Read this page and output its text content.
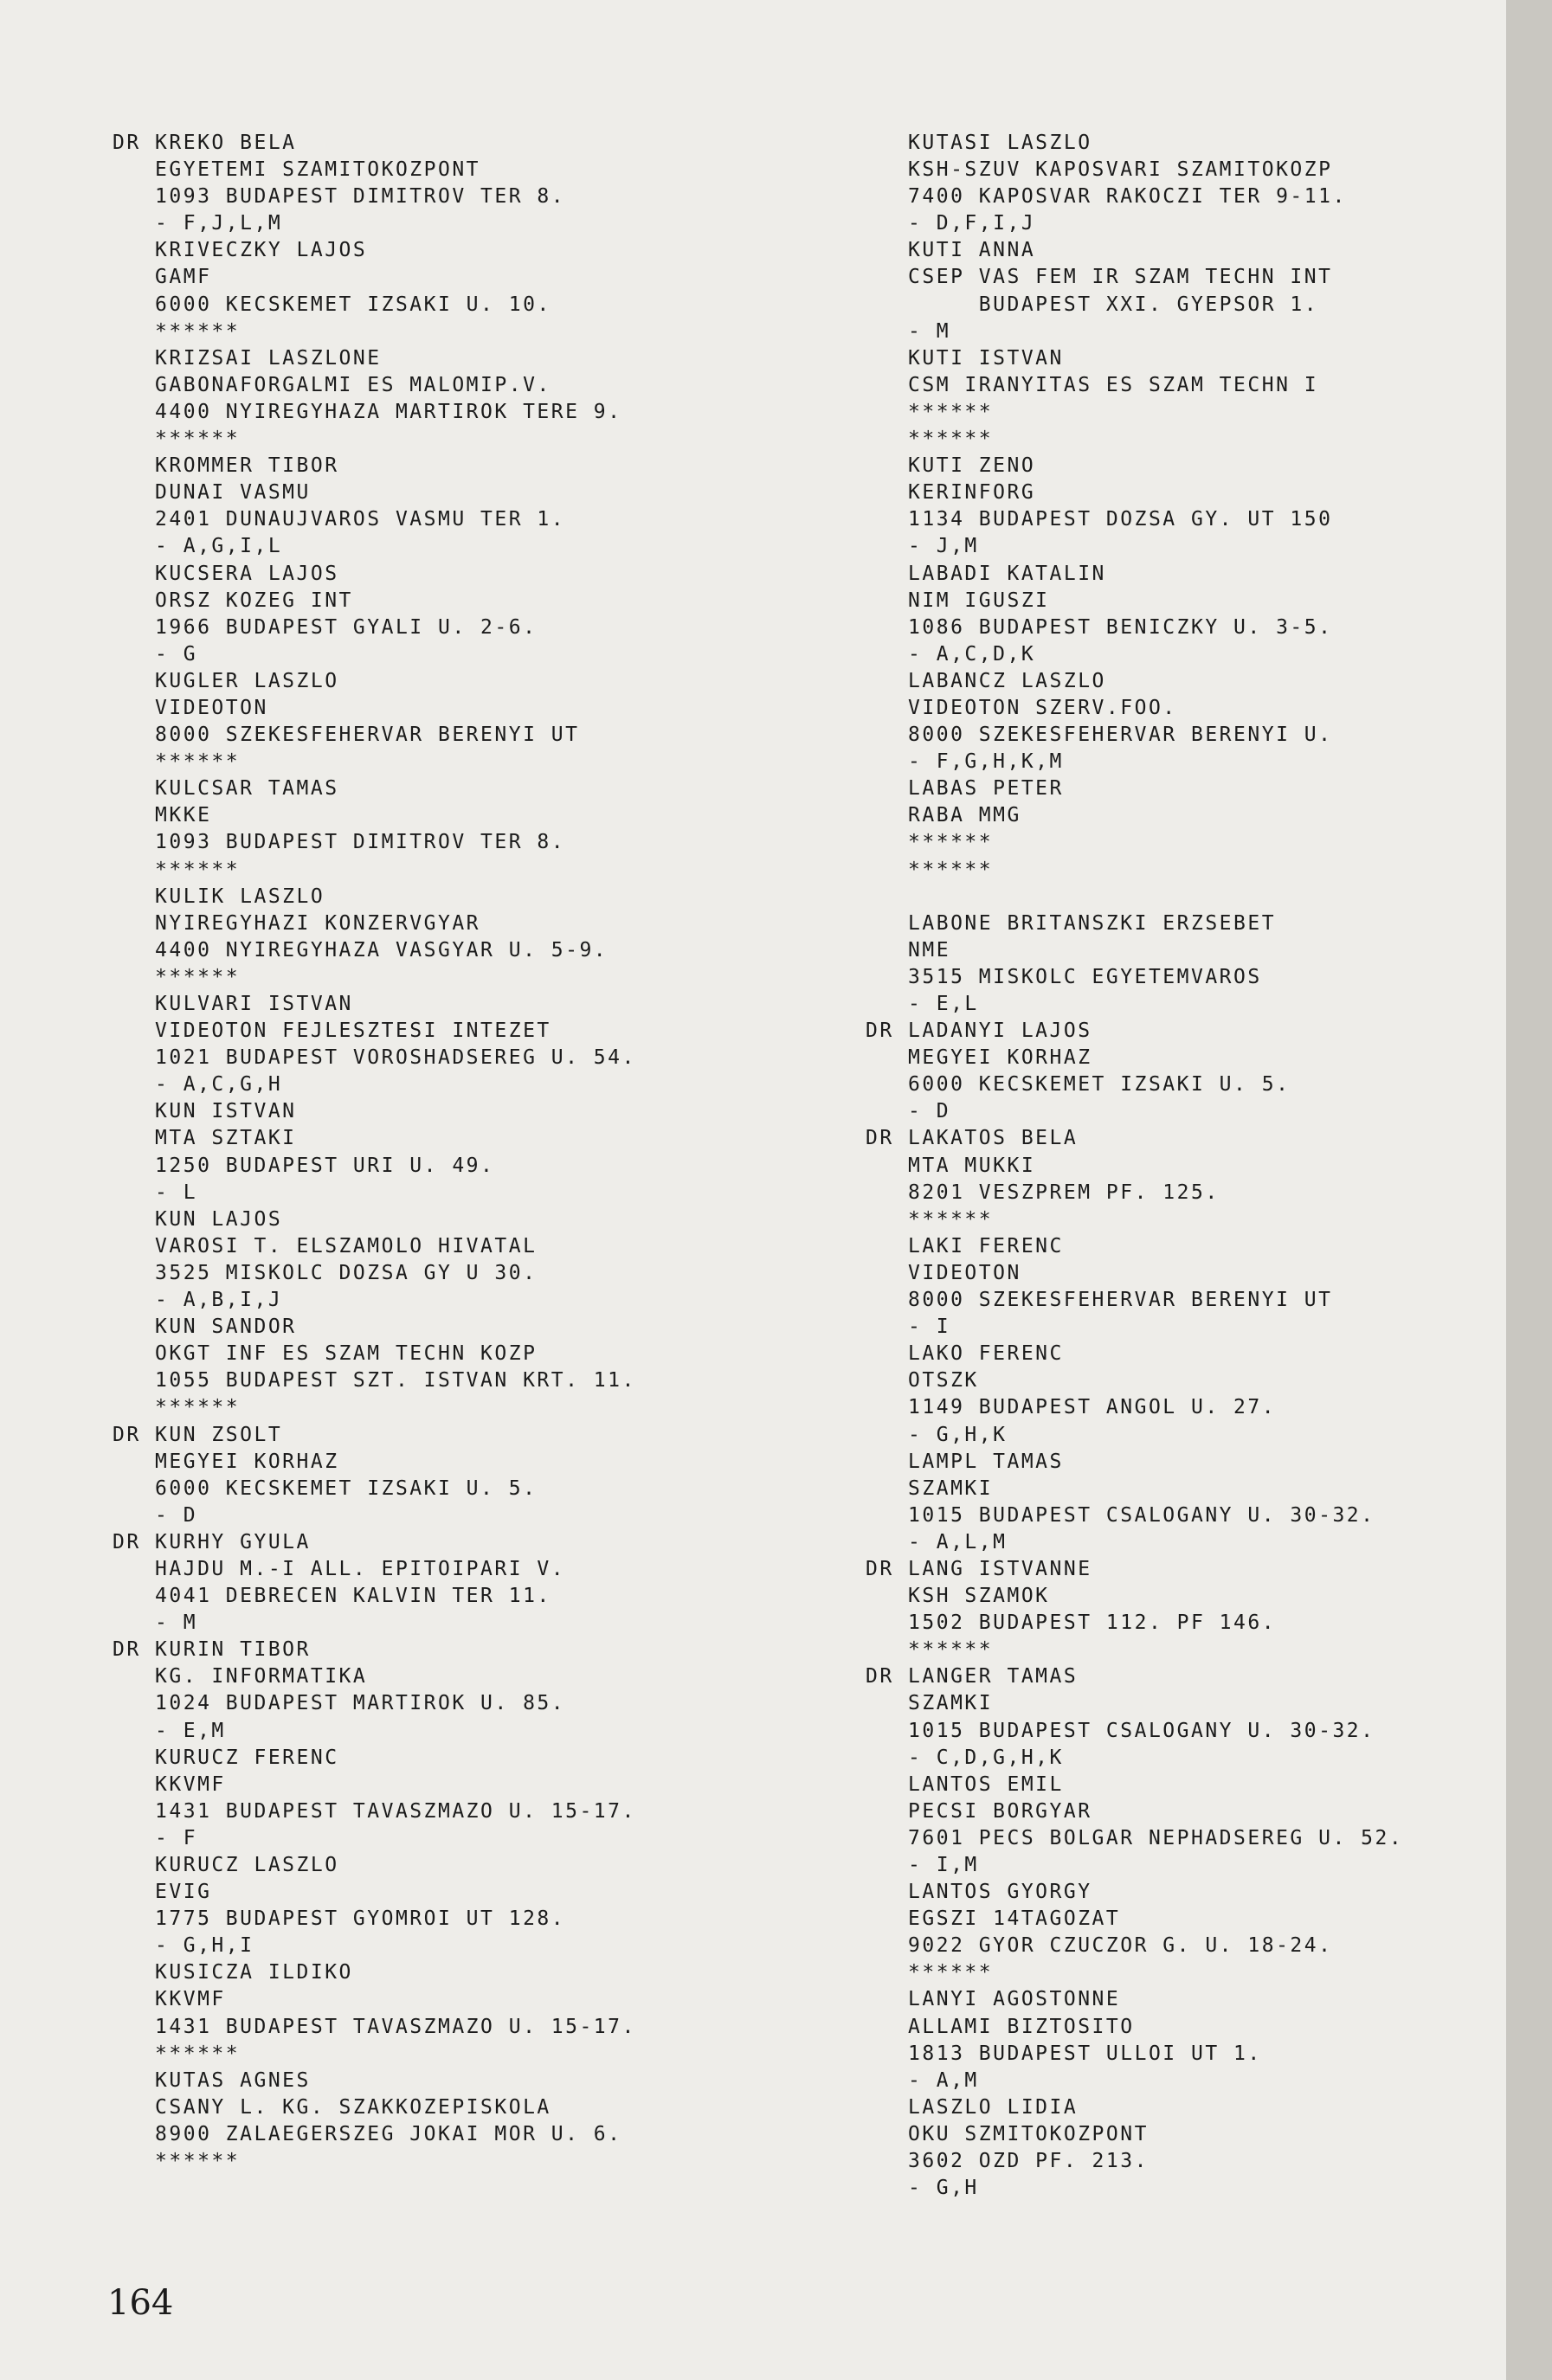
DR KREKO BELA
EGYETEMI SZAMITOKOZPONT
1093 BUDAPEST DIMITROV TER 8.
- F,J,L,M
KRIVECZKY LAJOS
GAMF
6000 KECSKEMET IZSAKI U. 10.
******
KRIZSAI LASZLONE
GABONAFORGALMI ES MALOMIP.V.
4400 NYIREGYHAZA MARTIROK TERE 9.
******
KROMMER TIBOR
DUNAI VASMU
2401 DUNAUJVAROS VASMU TER 1.
- A,G,I,L
KUCSERA LAJOS
ORSZ KOZEG INT
1966 BUDAPEST GYALI U. 2-6.
- G
KUGLER LASZLO
VIDEOTON
8000 SZEKESFEHERVAR BERENYI UT
******
KULCSAR TAMAS
MKKE
1093 BUDAPEST DIMITROV TER 8.
******
KULIK LASZLO
NYIREGYHAZI KONZERVGYAR
4400 NYIREGYHAZA VASGYAR U. 5-9.
******
KULVARI ISTVAN
VIDEOTON FEJLESZTESI INTEZET
1021 BUDAPEST VOROSHADSEREG U. 54.
- A,C,G,H
KUN ISTVAN
MTA SZTAKI
1250 BUDAPEST URI U. 49.
- L
KUN LAJOS
VAROSI T. ELSZAMOLO HIVATAL
3525 MISKOLC DOZSA GY U 30.
- A,B,I,J
KUN SANDOR
OKGT INF ES SZAM TECHN KOZP
1055 BUDAPEST SZT. ISTVAN KRT. 11.
******
DR KUN ZSOLT
MEGYEI KORHAZ
6000 KECSKEMET IZSAKI U. 5.
- D
DR KURHY GYULA
HAJDU M.-I ALL. EPITOIPARI V.
4041 DEBRECEN KALVIN TER 11.
- M
DR KURIN TIBOR
KG. INFORMATIKA
1024 BUDAPEST MARTIROK U. 85.
- E,M
KURUCZ FERENC
KKVMF
1431 BUDAPEST TAVASZMAZO U. 15-17.
- F
KURUCZ LASZLO
EVIG
1775 BUDAPEST GYOMROI UT 128.
- G,H,I
KUSICZA ILDIKO
KKVMF
1431 BUDAPEST TAVASZMAZO U. 15-17.
******
KUTAS AGNES
CSANY L. KG. SZAKKOZEPISKOLA
8900 ZALAEGERSZEG JOKAI MOR U. 6.
******
KUTASI LASZLO
KSH-SZUV KAPOSVARI SZAMITOKOZP
7400 KAPOSVAR RAKOCZI TER 9-11.
- D,F,I,J
KUTI ANNA
CSEP VAS FEM IR SZAM TECHN INT
BUDAPEST XXI. GYEPSOR 1.
- M
KUTI ISTVAN
CSM IRANYITAS ES SZAM TECHN I
******
******
KUTI ZENO
KERINFORG
1134 BUDAPEST DOZSA GY. UT 150
- J,M
LABADI KATALIN
NIM IGUSZI
1086 BUDAPEST BENICZKY U. 3-5.
- A,C,D,K
LABANCZ LASZLO
VIDEOTON SZERV.FOO.
8000 SZEKESFEHERVAR BERENYI U.
- F,G,H,K,M
LABAS PETER
RABA MMG
******
******
LABONE BRITANSZKI ERZSEBET
NME
3515 MISKOLC EGYETEMVAROS
- E,L
DR LADANYI LAJOS
MEGYEI KORHAZ
6000 KECSKEMET IZSAKI U. 5.
- D
DR LAKATOS BELA
MTA MUKKI
8201 VESZPREM PF. 125.
******
LAKI FERENC
VIDEOTON
8000 SZEKESFEHERVAR BERENYI UT
- I
LAKO FERENC
OTSZK
1149 BUDAPEST ANGOL U. 27.
- G,H,K
LAMPL TAMAS
SZAMKI
1015 BUDAPEST CSALOGANY U. 30-32.
- A,L,M
DR LANG ISTVANNE
KSH SZAMOK
1502 BUDAPEST 112. PF 146.
******
DR LANGER TAMAS
SZAMKI
1015 BUDAPEST CSALOGANY U. 30-32.
- C,D,G,H,K
LANTOS EMIL
PECSI BORGYAR
7601 PECS BOLGAR NEPHADSEREG U. 52.
- I,M
LANTOS GYORGY
EGSZI 14TAGOZAT
9022 GYOR CZUCZOR G. U. 18-24.
******
LANYI AGOSTONNE
ALLAMI BIZTOSITO
1813 BUDAPEST ULLOI UT 1.
- A,M
LASZLO LIDIA
OKU SZMITOKOZPONT
3602 OZD PF. 213.
- G,H
164
